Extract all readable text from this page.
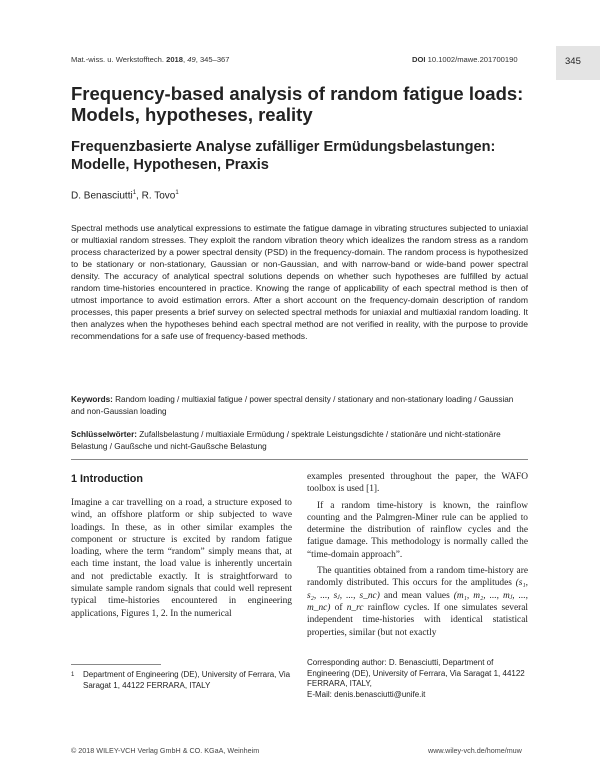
Mat.-wiss. u. Werkstofftech. 2018, 49, 345–367	DOI 10.1002/mawe.201700190	345
Frequency-based analysis of random fatigue loads: Models, hypotheses, reality
Frequenzbasierte Analyse zufälliger Ermüdungsbelastungen: Modelle, Hypothesen, Praxis
D. Benasciutti$^1$, R. Tovo$^1$
Spectral methods use analytical expressions to estimate the fatigue damage in vibrating structures subjected to uniaxial or multiaxial random stresses. They exploit the random vibration theory which idealizes the random stress as a random process characterized by a power spectral density (PSD) in the frequency-domain. The random process is hypothesized to be stationary or non-stationary, Gaussian or non-Gaussian, and with narrow-band or wide-band power spectral density. The accuracy of analytical spectral solutions depends on whether such hypotheses are fulfilled by actual random time-histories encountered in practice. Knowing the range of applicability of each spectral method is then of utmost importance to avoid estimation errors. After a short account on the frequency-domain description of random processes, this paper presents a brief survey on selected spectral methods for uniaxial and multiaxial random loading. It then analyzes when the hypotheses behind each spectral method are not verified in reality, with the purpose to provide recommendations for a safe use of frequency-based methods.
Keywords: Random loading / multiaxial fatigue / power spectral density / stationary and non-stationary loading / Gaussian and non-Gaussian loading
Schlüsselwörter: Zufallsbelastung / multiaxiale Ermüdung / spektrale Leistungsdichte / stationäre und nicht-stationäre Belastung / Gaußsche und nicht-Gaußsche Belastung
1 Introduction

Imagine a car travelling on a road, a structure exposed to wind, an offshore platform or ship subjected to wave loadings. In these, as in other similar examples the component or structure is excited by random fatigue loading, where the term “random” simply means that, at each time instant, the load value is inherently uncertain and not predictable exactly. It is straightforward to simulate sample random signals that could well represent typical time-histories encountered in engineering applications, Figures 1, 2. In the numerical

examples presented throughout the paper, the WAFO toolbox is used [1].

If a random time-history is known, the rainflow counting and the Palmgren-Miner rule can be applied to determine the distribution of rainflow cycles and the fatigue damage. This methodology is normally called the “time-domain approach”.

The quantities obtained from a random time-history are randomly distributed. This occurs for the amplitudes (s₁, s₂, ..., sⱼ, ..., s_nc) and mean values (m₁, m₂, ..., mⱼ, ..., m_nc) of n_rc rainflow cycles. If one simulates several independent time-histories with identical statistical properties, similar (but not exactly

1	Department of Engineering (DE), University of Ferrara, Via Saragat 1, 44122 FERRARA, ITALY
Corresponding author: D. Benasciutti, Department of Engineering (DE), University of Ferrara, Via Saragat 1, 44122 FERRARA, ITALY,
E-Mail: denis.benasciutti@unife.it
© 2018 WILEY-VCH Verlag GmbH & CO. KGaA, Weinheim	www.wiley-vch.de/home/muw
